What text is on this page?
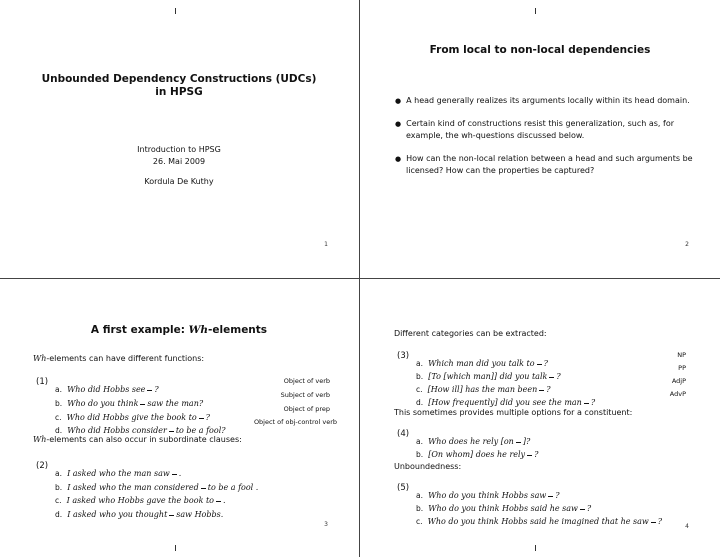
Unbounded Dependency Constructions (UDCs)
in HPSG
Introduction to HPSG
26. Mai 2009
Kordula De Kuthy
1
From local to non-local dependencies
● A head generally realizes its arguments locally within its head domain.
● Certain kind of constructions resist this generalization, such as, for
example, the wh-questions discussed below.
● How can the non-local relation between a head and such arguments be
licensed? How can the properties be captured?
2
A first example: Wh-elements
Wh-elements can have different functions:
(1)
a. Who did Hobbs see ?
Object of verb
b. Who do you think saw the man?
Subject of verb
c. Who did Hobbs give the book to ?
Object of prep
d. Who did Hobbs consider to be a fool?
Object of obj-control verb
Wh-elements can also occur in subordinate clauses:
(2)
a. I asked who the man saw .
b. I asked who the man considered to be a fool .
c. I asked who Hobbs gave the book to .
d. I asked who you thought saw Hobbs.
3
Different categories can be extracted:
(3)
a. Which man did you talk to ?
NP
b. [To [which man]] did you talk ?
PP
c. [How ill] has the man been ?
AdjP
d. [How frequently] did you see the man ?
AdvP
This sometimes provides multiple options for a constituent:
(4)
a. Who does he rely [on ]?
b. [On whom] does he rely ?
Unboundedness:
(5)
a. Who do you think Hobbs saw ?
b. Who do you think Hobbs said he saw ?
c. Who do you think Hobbs said he imagined that he saw ?
4
